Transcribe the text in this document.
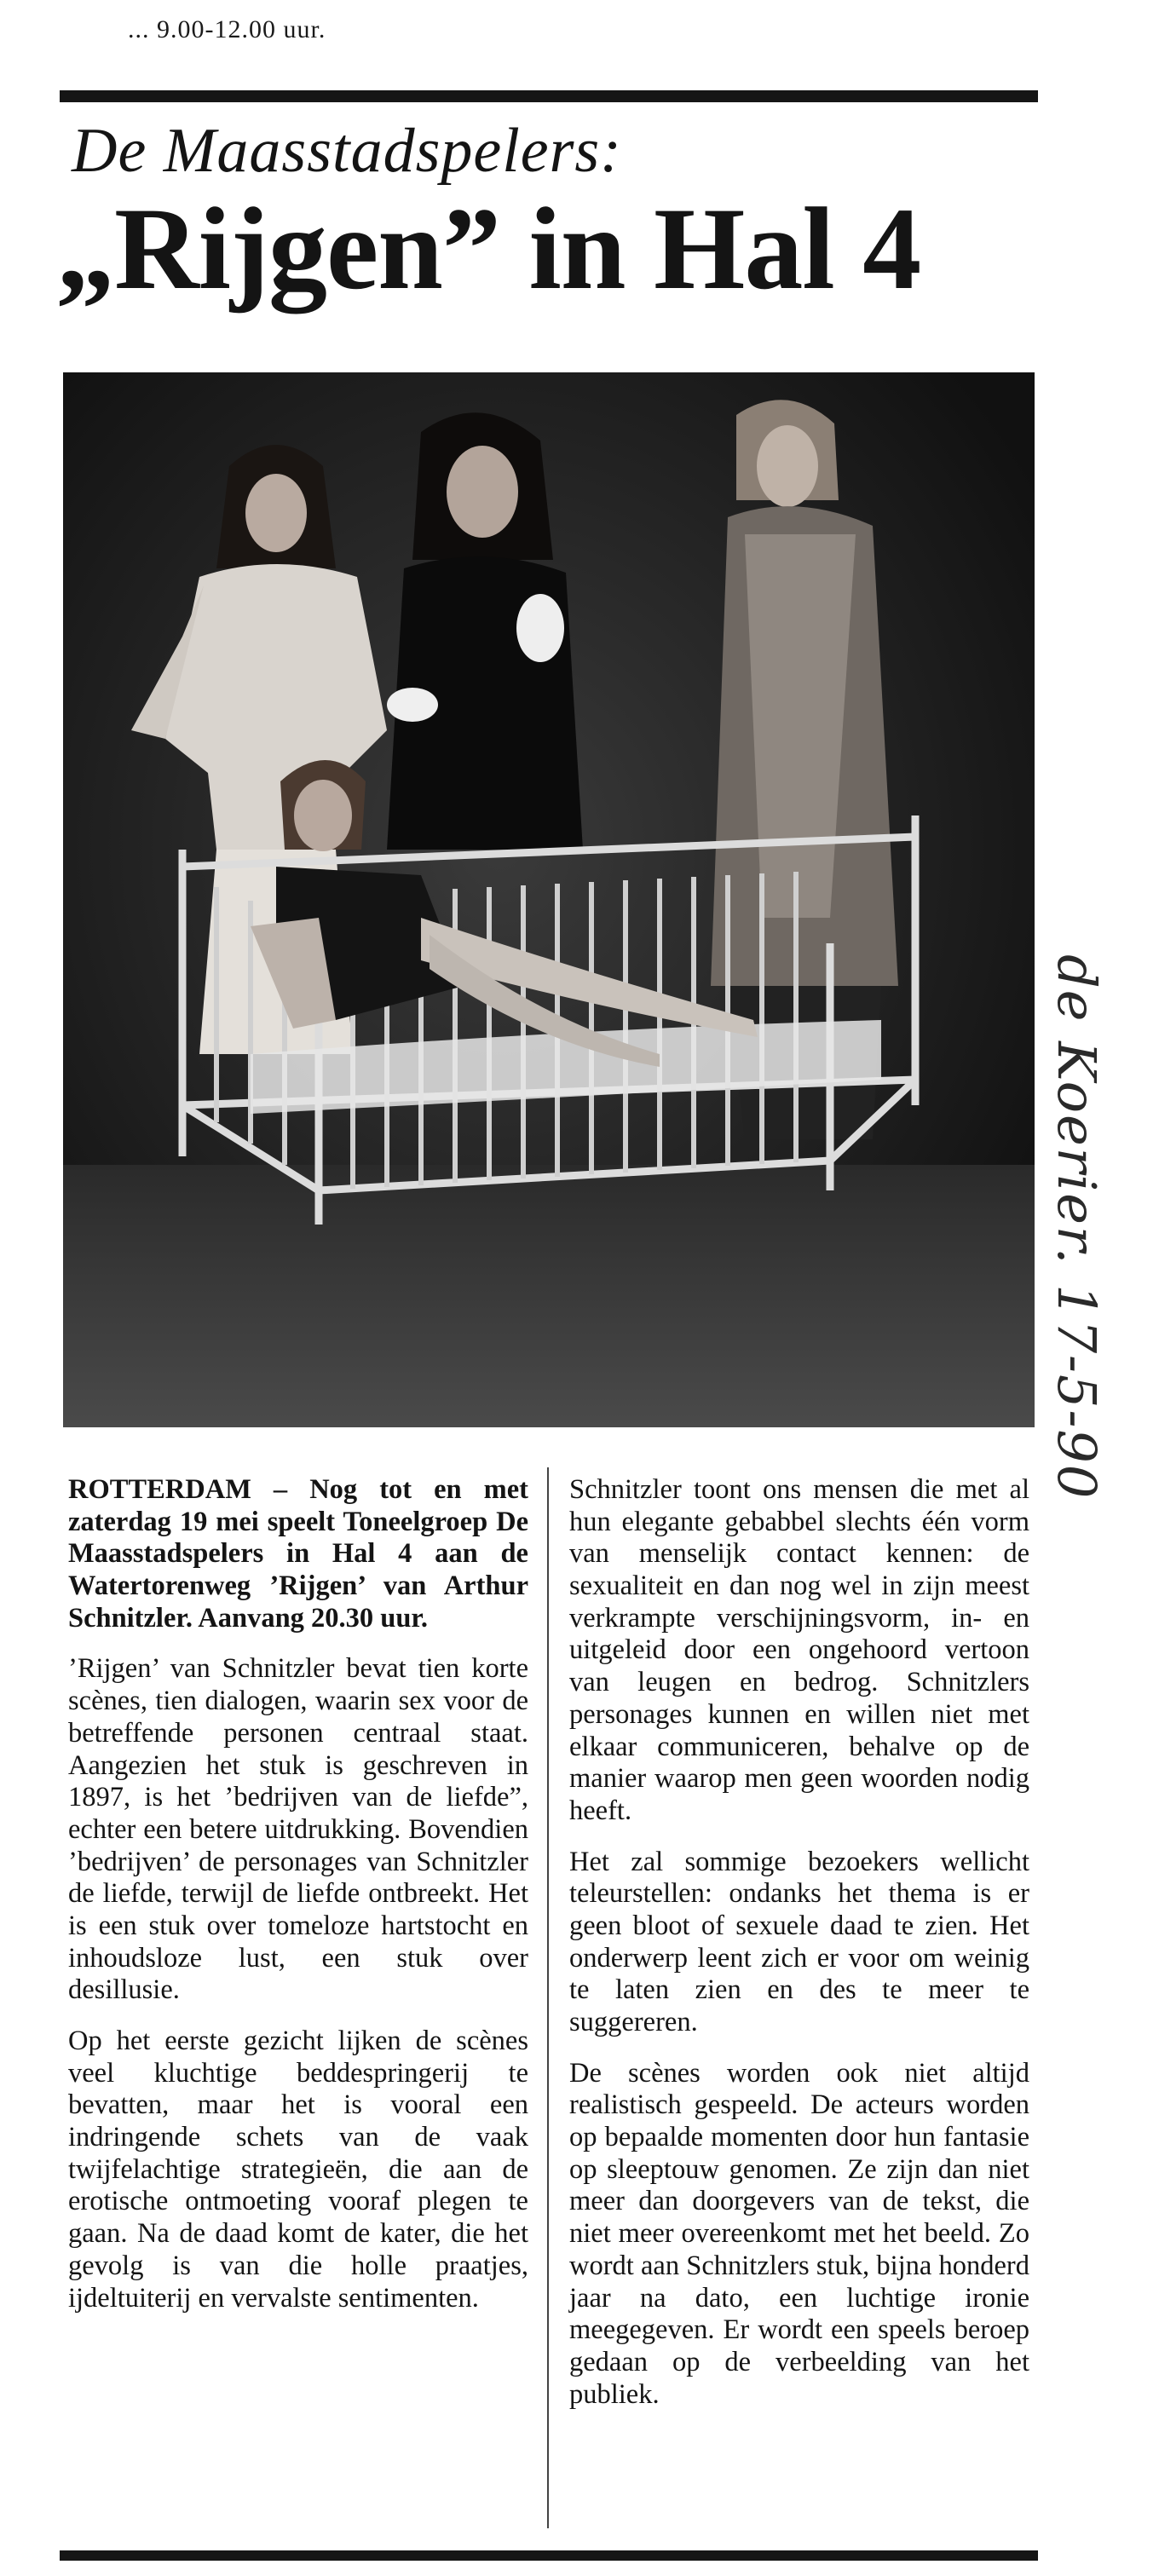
... 9.00-12.00 uur.
De Maasstadspelers:
„Rijgen” in Hal 4
de Koerier. 17-5-90

ROTTERDAM – Nog tot en met zaterdag 19 mei speelt Toneelgroep De Maasstadspelers in Hal 4 aan de Watertorenweg ’Rijgen’ van Arthur Schnitzler. Aanvang 20.30 uur.

’Rijgen’ van Schnitzler bevat tien korte scènes, tien dialogen, waarin sex voor de betreffende personen centraal staat. Aangezien het stuk is geschreven in 1897, is het ’bedrijven van de liefde”, echter een betere uitdrukking. Bovendien ’bedrijven’ de personages van Schnitzler de liefde, terwijl de liefde ontbreekt. Het is een stuk over tomeloze hartstocht en inhoudsloze lust, een stuk over desillusie.

Op het eerste gezicht lijken de scènes veel kluchtige beddespringerij te bevatten, maar het is vooral een indringende schets van de vaak twijfelachtige strategieën, die aan de erotische ontmoeting vooraf plegen te gaan. Na de daad komt de kater, die het gevolg is van die holle praatjes, ijdeltuiterij en vervalste sentimenten.

Schnitzler toont ons mensen die met al hun elegante gebabbel slechts één vorm van menselijk contact kennen: de sexualiteit en dan nog wel in zijn meest verkrampte verschijningsvorm, in- en uitgeleid door een ongehoord vertoon van leugen en bedrog. Schnitzlers personages kunnen en willen niet met elkaar communiceren, behalve op de manier waarop men geen woorden nodig heeft.

Het zal sommige bezoekers wellicht teleurstellen: ondanks het thema is er geen bloot of sexuele daad te zien. Het onderwerp leent zich er voor om weinig te laten zien en des te meer te suggereren.

De scènes worden ook niet altijd realistisch gespeeld. De acteurs worden op bepaalde momenten door hun fantasie op sleeptouw genomen. Ze zijn dan niet meer dan doorgevers van de tekst, die niet meer overeenkomt met het beeld. Zo wordt aan Schnitzlers stuk, bijna honderd jaar na dato, een luchtige ironie meegegeven. Er wordt een speels beroep gedaan op de verbeelding van het publiek.
